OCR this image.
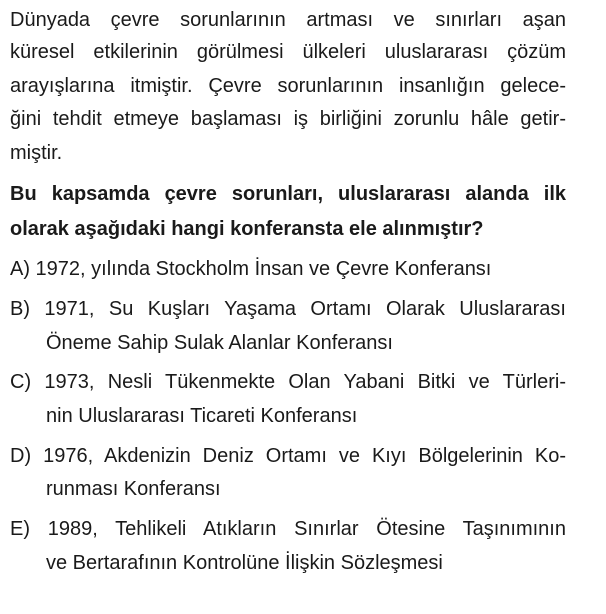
Dünyada çevre sorunlarının artması ve sınırları aşan
küresel etkilerinin görülmesi ülkeleri uluslararası çözüm
arayışlarına itmiştir. Çevre sorunlarının insanlığın gelece-
ğini tehdit etmeye başlaması iş birliğini zorunlu hâle getir-
miştir.
Bu kapsamda çevre sorunları, uluslararası alanda ilk
olarak aşağıdaki hangi konferansta ele alınmıştır?
A) 1972, yılında Stockholm İnsan ve Çevre Konferansı
B) 1971, Su Kuşları Yaşama Ortamı Olarak Uluslararası
Öneme Sahip Sulak Alanlar Konferansı
C) 1973, Nesli Tükenmekte Olan Yabani Bitki ve Türleri-
nin Uluslararası Ticareti Konferansı
D) 1976, Akdenizin Deniz Ortamı ve Kıyı Bölgelerinin Ko-
runması Konferansı
E) 1989, Tehlikeli Atıkların Sınırlar Ötesine Taşınımının
ve Bertarafının Kontrolüne İlişkin Sözleşmesi
